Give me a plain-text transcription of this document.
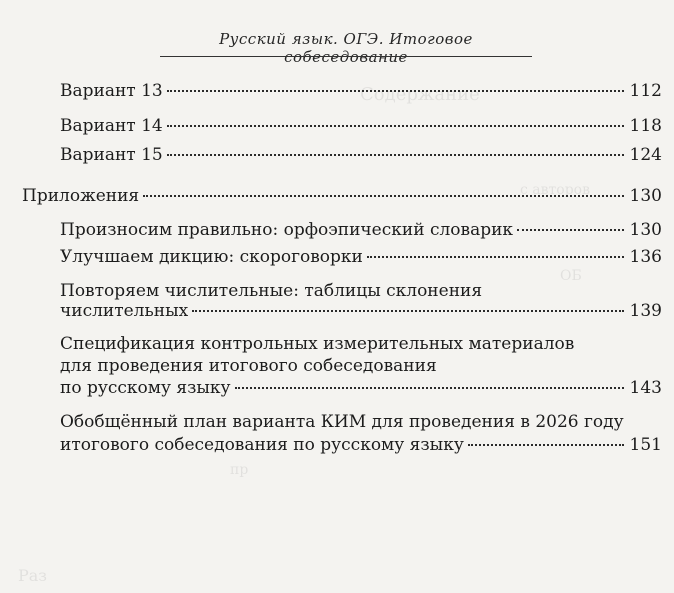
Содержание
с авторов
ОБ
пр
Раз
Русский язык. ОГЭ. Итоговое собеседование
Вариант 13	112
Вариант 14	118
Вариант 15	124
Приложения	130
Произносим правильно: орфоэпический словарик	130
Улучшаем дикцию: скороговорки	136
Повторяем числительные: таблицы склонения
числительных	139
Спецификация контрольных измерительных материалов
для проведения итогового собеседования
по русскому языку	143
Обобщённый план варианта КИМ для проведения в 2026 году
итогового собеседования по русскому языку	151
